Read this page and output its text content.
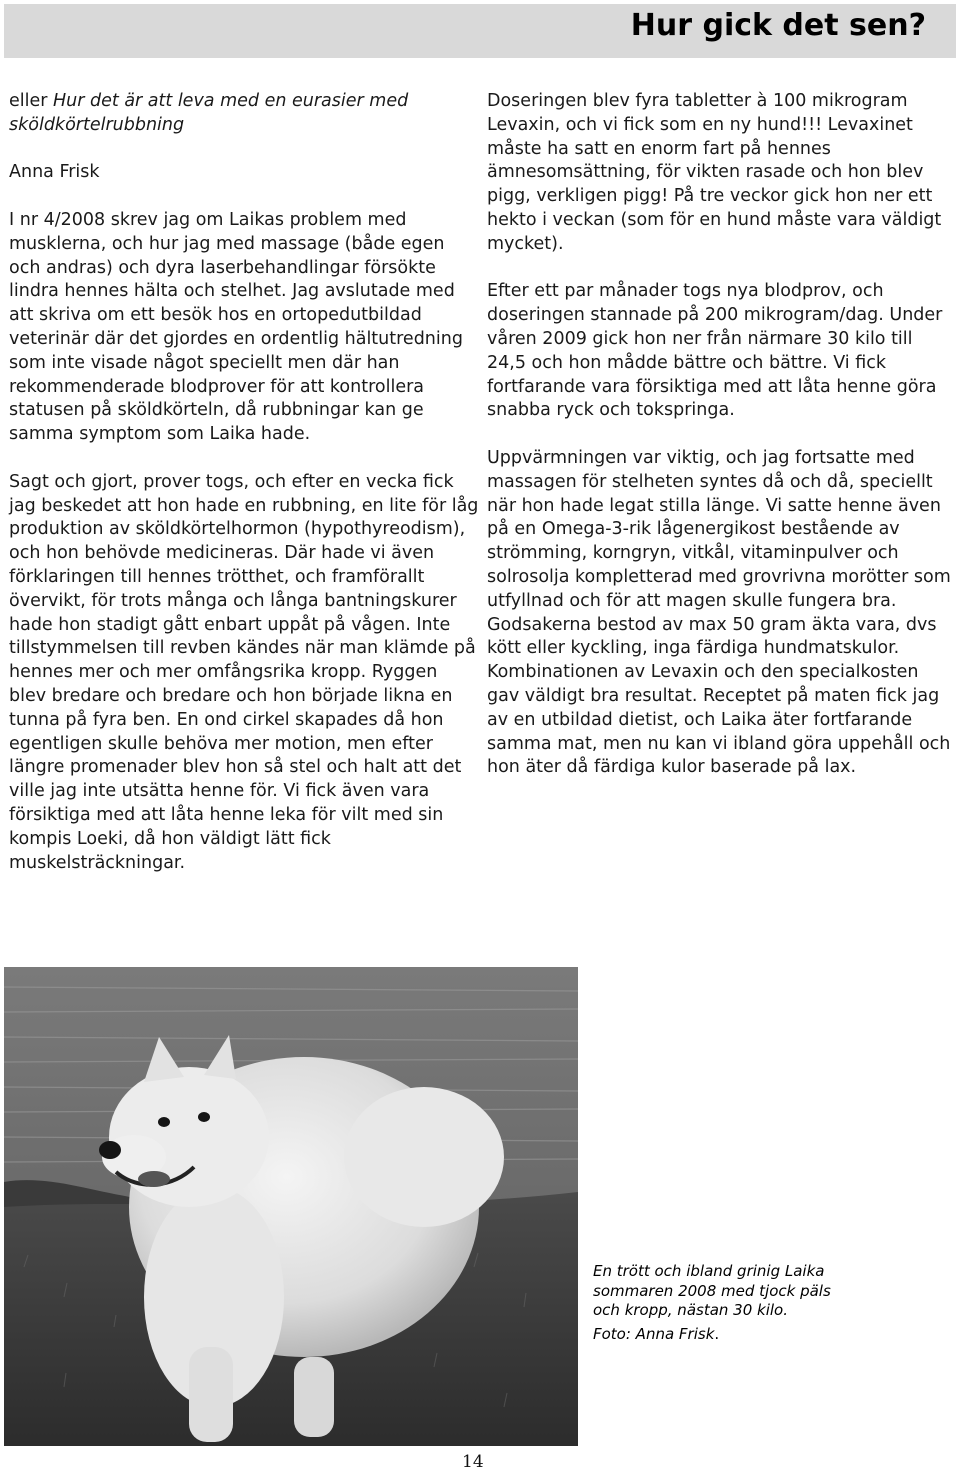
Hur gick det sen?

eller Hur det är att leva med en eurasier med sköldkörtelrubbning

Anna Frisk

I nr 4/2008 skrev jag om Laikas problem med musklerna, och hur jag med massage (både egen och andras) och dyra laserbehandlingar försökte lindra hennes hälta och stelhet. Jag avslutade med att skriva om ett besök hos en ortopedutbildad veterinär där det gjordes en ordentlig hältutredning som inte visade något speciellt men där han rekommenderade blodprover för att kontrollera statusen på sköldkörteln, då rubbningar kan ge samma symptom som Laika hade.

Sagt och gjort, prover togs, och efter en vecka fick jag beskedet att hon hade en rubbning, en lite för låg produktion av sköldkörtelhormon (hypothyreodism), och hon behövde medicineras. Där hade vi även förklaringen till hennes trötthet, och framförallt övervikt, för trots många och långa bantningskurer hade hon stadigt gått enbart uppåt på vågen. Inte tillstymmelsen till revben kändes när man klämde på hennes mer och mer omfångsrika kropp. Ryggen blev bredare och bredare och hon började likna en tunna på fyra ben. En ond cirkel skapades då hon egentligen skulle behöva mer motion, men efter längre promenader blev hon så stel och halt att det ville jag inte utsätta henne för. Vi fick även vara försiktiga med att låta henne leka för vilt med sin kompis Loeki, då hon väldigt lätt fick muskelsträckningar.

Doseringen blev fyra tabletter à 100 mikrogram Levaxin, och vi fick som en ny hund!!! Levaxinet måste ha satt en enorm fart på hennes ämnesomsättning, för vikten rasade och hon blev pigg, verkligen pigg! På tre veckor gick hon ner ett hekto i veckan (som för en hund måste vara väldigt mycket).

Efter ett par månader togs nya blodprov, och doseringen stannade på 200 mikrogram/dag. Under våren 2009 gick hon ner från närmare 30 kilo till 24,5 och hon mådde bättre och bättre. Vi fick fortfarande vara försiktiga med att låta henne göra snabba ryck och tokspringa.

Uppvärmningen var viktig, och jag fortsatte med massagen för stelheten syntes då och då, speciellt när hon hade legat stilla länge. Vi satte henne även på en Omega-3-rik lågenergikost bestående av strömming, korngryn, vitkål, vitaminpulver och solrosolja kompletterad med grovrivna morötter som utfyllnad och för att magen skulle fungera bra. Godsakerna bestod av max 50 gram äkta vara, dvs kött eller kyckling, inga färdiga hundmatskulor. Kombinationen av Levaxin och den specialkosten gav väldigt bra resultat. Receptet på maten fick jag av en utbildad dietist, och Laika äter fortfarande samma mat, men nu kan vi ibland göra uppehåll och hon äter då färdiga kulor baserade på lax.

En trött och ibland grinig Laika sommaren 2008 med tjock päls och kropp, nästan 30 kilo.
Foto: Anna Frisk.
14
